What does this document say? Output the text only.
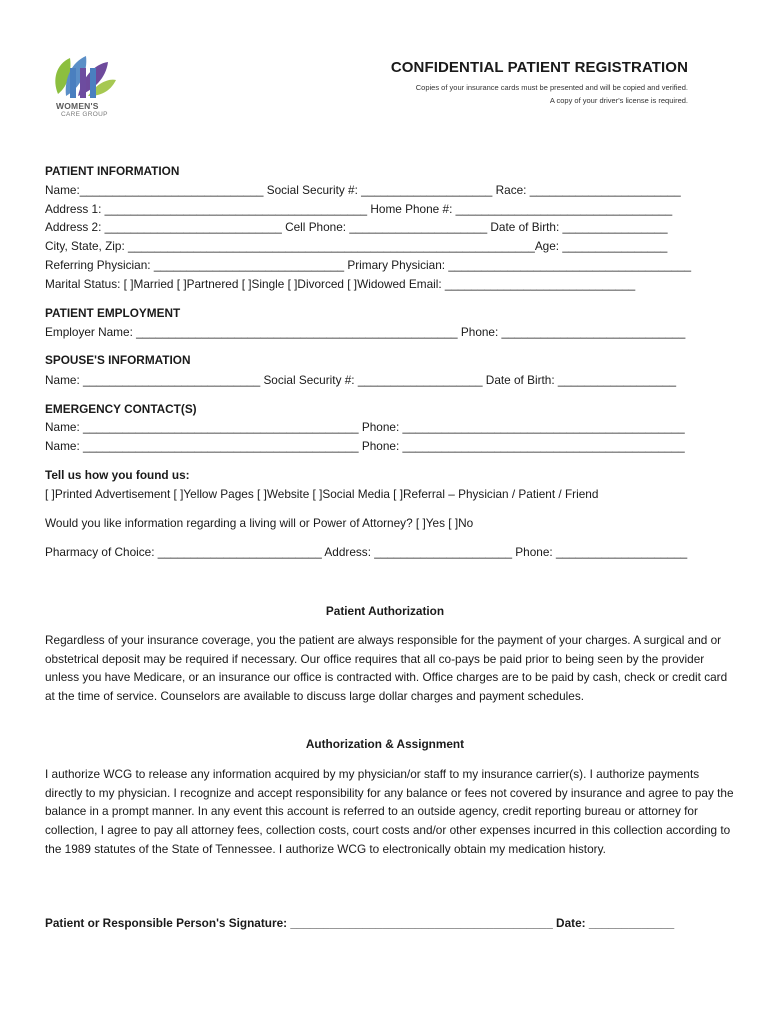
WOMEN'S
CARE GROUP
CONFIDENTIAL PATIENT REGISTRATION
Copies of your insurance cards must be presented and will be copied and verified.
A copy of your driver's license is required.
PATIENT INFORMATION
Name:____________________________ Social Security #: ____________________ Race: _______________________
Address 1: ________________________________________ Home Phone #: _________________________________
Address 2: ___________________________ Cell Phone: _____________________ Date of Birth: ________________
City, State, Zip: ______________________________________________________________Age: ________________
Referring Physician: _____________________________ Primary Physician: _____________________________________
Marital Status: [ ]Married [ ]Partnered [ ]Single [ ]Divorced [ ]Widowed Email: _____________________________
PATIENT EMPLOYMENT
Employer Name: _________________________________________________ Phone: ____________________________
SPOUSE'S INFORMATION
Name: ___________________________ Social Security #: ___________________ Date of Birth: __________________
EMERGENCY CONTACT(S)
Name: __________________________________________ Phone: ___________________________________________
Name: __________________________________________ Phone: ___________________________________________
Tell us how you found us:
[ ]Printed Advertisement [ ]Yellow Pages [ ]Website [ ]Social Media [ ]Referral – Physician / Patient / Friend
Would you like information regarding a living will or Power of Attorney? [ ]Yes [ ]No
Pharmacy of Choice: _________________________ Address: _____________________ Phone: ____________________
Patient Authorization
Regardless of your insurance coverage, you the patient are always responsible for the payment of your charges. A surgical and or obstetrical deposit may be required if necessary. Our office requires that all co-pays be paid prior to being seen by the provider unless you have Medicare, or an insurance our office is contracted with. Office charges are to be paid by cash, check or credit card at the time of service. Counselors are available to discuss large dollar charges and payment schedules.
Authorization & Assignment
I authorize WCG to release any information acquired by my physician/or staff to my insurance carrier(s). I authorize payments directly to my physician. I recognize and accept responsibility for any balance or fees not covered by insurance and agree to pay the balance in a prompt manner. In any event this account is referred to an outside agency, credit reporting bureau or attorney for collection, I agree to pay all attorney fees, collection costs, court costs and/or other expenses incurred in this collection according to the 1989 statutes of the State of Tennessee. I authorize WCG to electronically obtain my medication history.
Patient or Responsible Person's Signature: ________________________________________ Date: _____________
